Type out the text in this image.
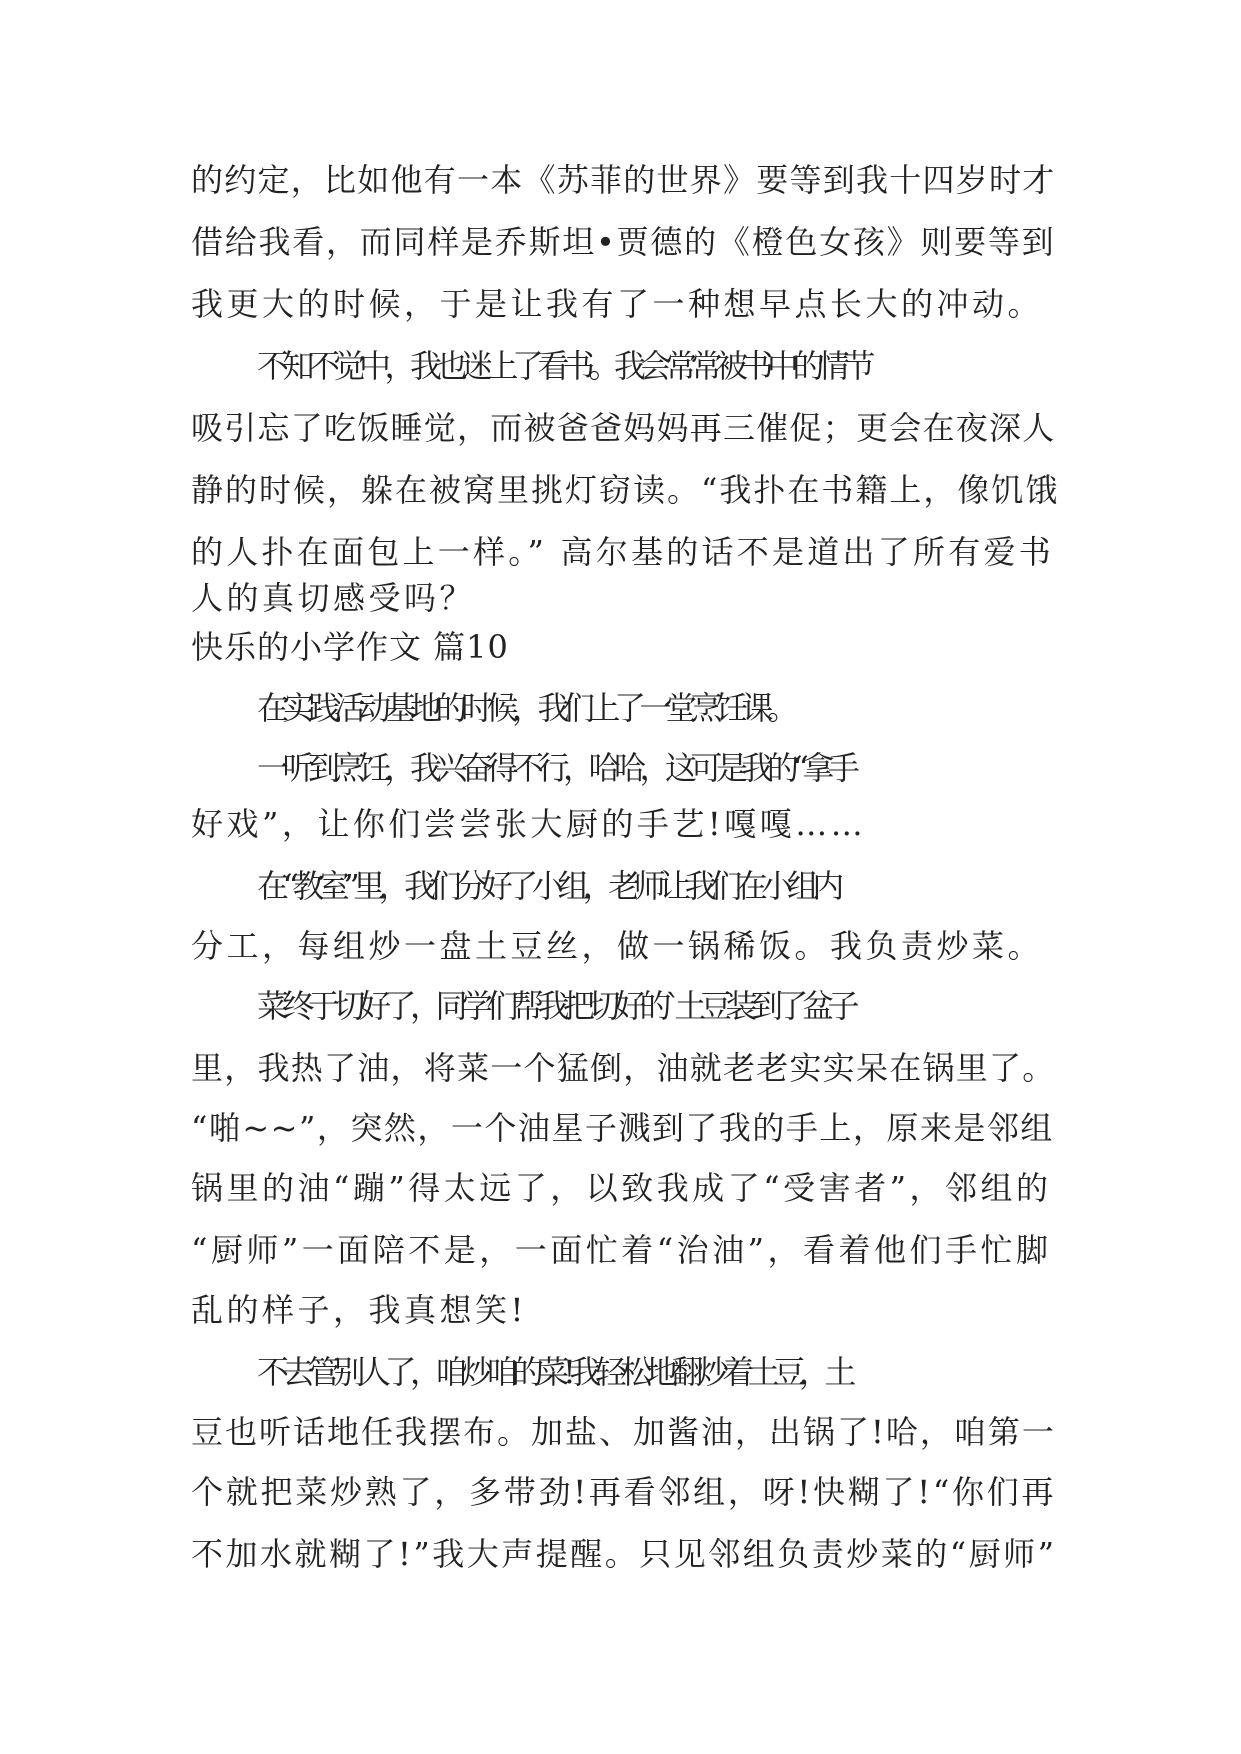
的约定，比如他有一本《苏菲的世界》要等到我十四岁时才
借给我看，而同样是乔斯坦•贾德的《橙色女孩》则要等到
我更大的时候，于是让我有了一种想早点长大的冲动。
不知不觉中，我也迷上了看书。我会常常被书中的情节
吸引忘了吃饭睡觉，而被爸爸妈妈再三催促；更会在夜深人
静的时候，躲在被窝里挑灯窃读。“我扑在书籍上，像饥饿
的人扑在面包上一样。” 高尔基的话不是道出了所有爱书
人的真切感受吗？
快乐的小学作文 篇10
在实践活动基地的时候，我们上了一堂烹饪课。
一听到烹饪，我兴奋得不行，哈哈，这可是我的“拿手
好戏”，让你们尝尝张大厨的手艺!嘎嘎……
在“教室”里，我们分好了小组，老师让我们在小组内
分工，每组炒一盘土豆丝，做一锅稀饭。我负责炒菜。
菜终于切好了，同学们帮我把切好的`土豆装到了盆子
里，我热了油，将菜一个猛倒，油就老老实实呆在锅里了。
“啪~~”，突然，一个油星子溅到了我的手上，原来是邻组
锅里的油“蹦”得太远了，以致我成了“受害者”，邻组的
“厨师”一面陪不是，一面忙着“治油”，看着他们手忙脚
乱的样子，我真想笑!
不去管别人了，咱炒咱的菜!我轻松地翻炒着土豆，土
豆也听话地任我摆布。加盐、加酱油，出锅了!哈，咱第一
个就把菜炒熟了，多带劲!再看邻组，呀!快糊了!“你们再
不加水就糊了!”我大声提醒。只见邻组负责炒菜的“厨师”
